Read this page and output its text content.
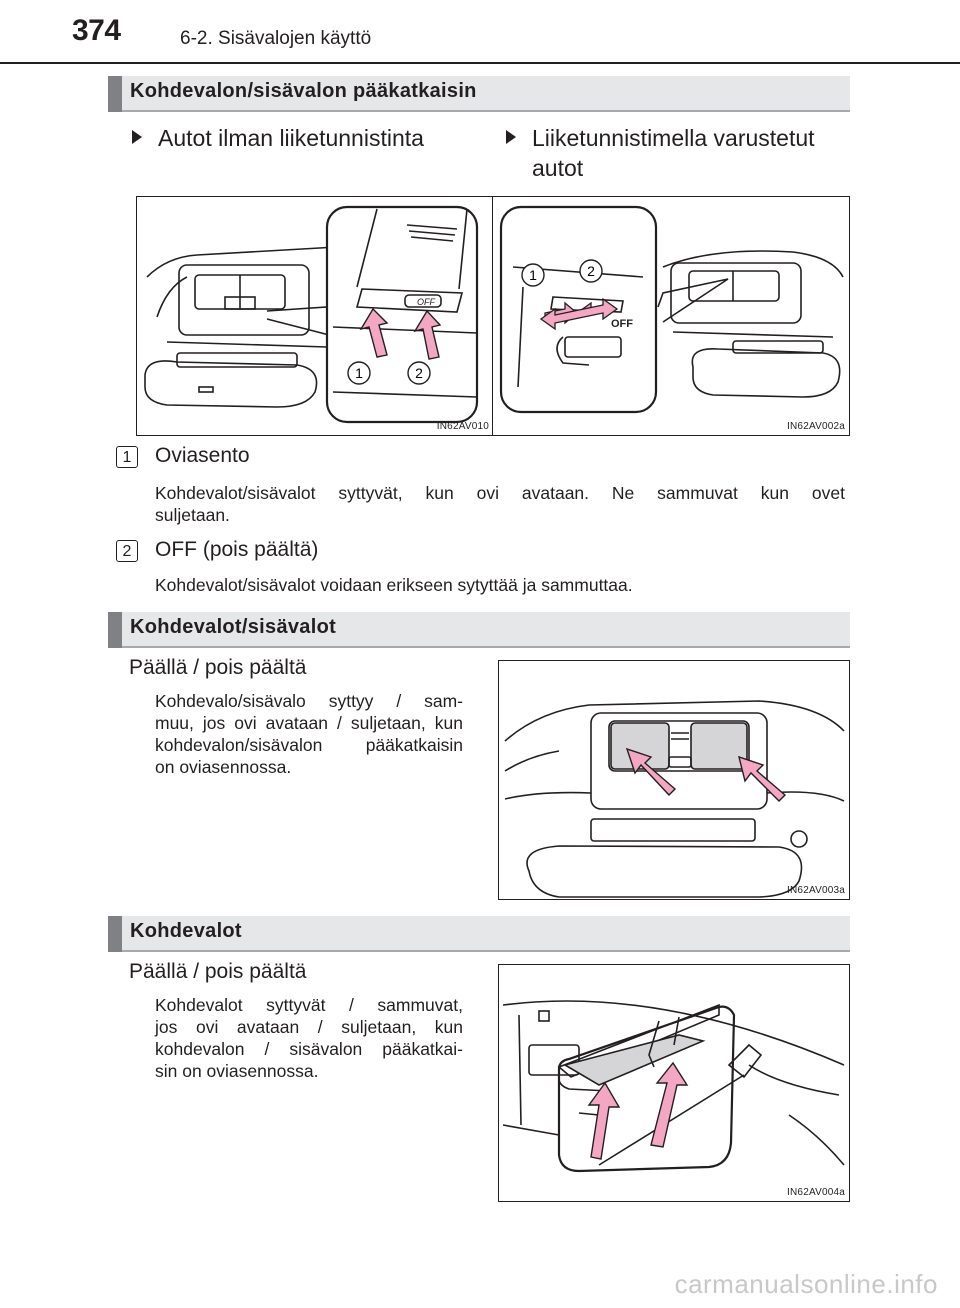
374	6-2. Sisävalojen käyttö
Kohdevalon/sisävalon pääkatkaisin
Autot ilman liiketunnistinta	Liiketunnistimella varustetut
autot
OFF
1	2
IN62AV010
OFF
1	2
IN62AV002a
1	Oviasento
Kohdevalot/sisävalot syttyvät, kun ovi avataan. Ne sammuvat kun ovet
suljetaan.
2	OFF (pois päältä)
Kohdevalot/sisävalot voidaan erikseen sytyttää ja sammuttaa.
Kohdevalot/sisävalot
Päällä / pois päältä
Kohdevalo/sisävalo syttyy / sam-
muu, jos ovi avataan / suljetaan, kun
kohdevalon/sisävalon pääkatkaisin
on oviasennossa.
IN62AV003a
Kohdevalot
Päällä / pois päältä
Kohdevalot syttyvät / sammuvat,
jos ovi avataan / suljetaan, kun
kohdevalon / sisävalon pääkatkai-
sin on oviasennossa.
IN62AV004a
carmanualsonline.info
